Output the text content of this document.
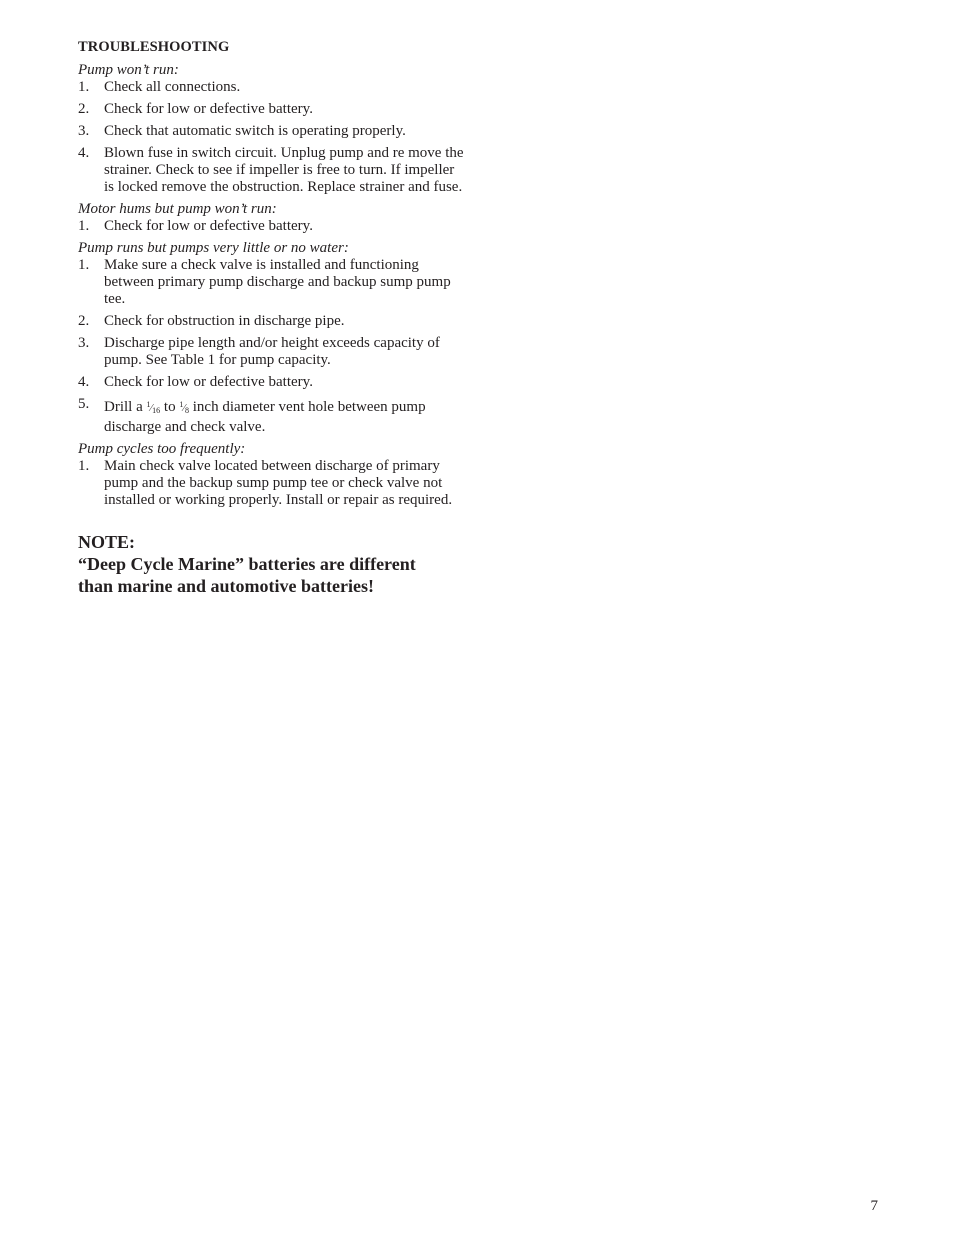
TROUBLESHOOTING
Pump won’t run:
1. Check all connections.
2. Check for low or defective battery.
3. Check that automatic switch is operating properly.
4. Blown fuse in switch circuit. Unplug pump and re move the strainer. Check to see if impeller is free to turn. If impeller is locked remove the obstruction. Replace strainer and fuse.
Motor hums but pump won’t run:
1. Check for low or defective battery.
Pump runs but pumps very little or no water:
1. Make sure a check valve is installed and functioning between primary pump discharge and backup sump pump tee.
2. Check for obstruction in discharge pipe.
3. Discharge pipe length and/or height exceeds capacity of pump. See Table 1 for pump capacity.
4. Check for low or defective battery.
5. Drill a $^1⁄_{16}$ to $^1⁄_8$ inch diameter vent hole between pump discharge and check valve.
Pump cycles too frequently:
1. Main check valve located between discharge of primary pump and the backup sump pump tee or check valve not installed or working properly. Install or repair as required.
NOTE:
“Deep Cycle Marine” batteries are different
than marine and automotive batteries!
7
